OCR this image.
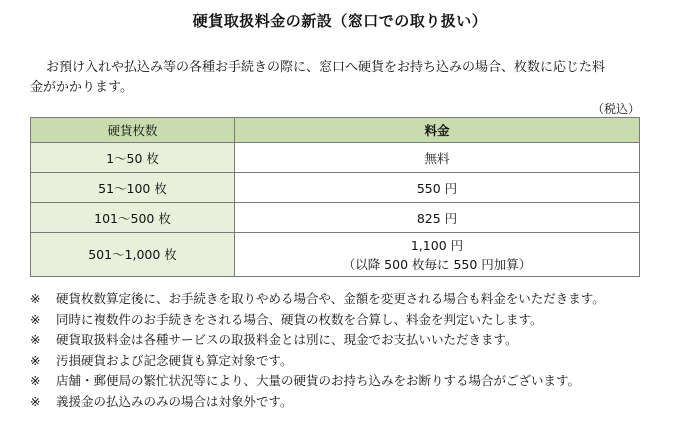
硬貨取扱料金の新設（窓口での取り扱い）

お預け入れや払込み等の各種お手続きの際に、窓口へ硬貨をお持ち込みの場合、枚数に応じた料
金がかかります。

（税込）
硬貨枚数	料金
1～50 枚	無料
51～100 枚	550 円
101～500 枚	825 円
501～1,000 枚	1,100 円
（以降 500 枚毎に 550 円加算）
※ 硬貨枚数算定後に、お手続きを取りやめる場合や、金額を変更される場合も料金をいただきます。
※ 同時に複数件のお手続きをされる場合、硬貨の枚数を合算し、料金を判定いたします。
※ 硬貨取扱料金は各種サービスの取扱料金とは別に、現金でお支払いいただきます。
※ 汚損硬貨および記念硬貨も算定対象です。
※ 店舗・郵便局の繁忙状況等により、大量の硬貨のお持ち込みをお断りする場合がございます。
※ 義援金の払込みのみの場合は対象外です。
